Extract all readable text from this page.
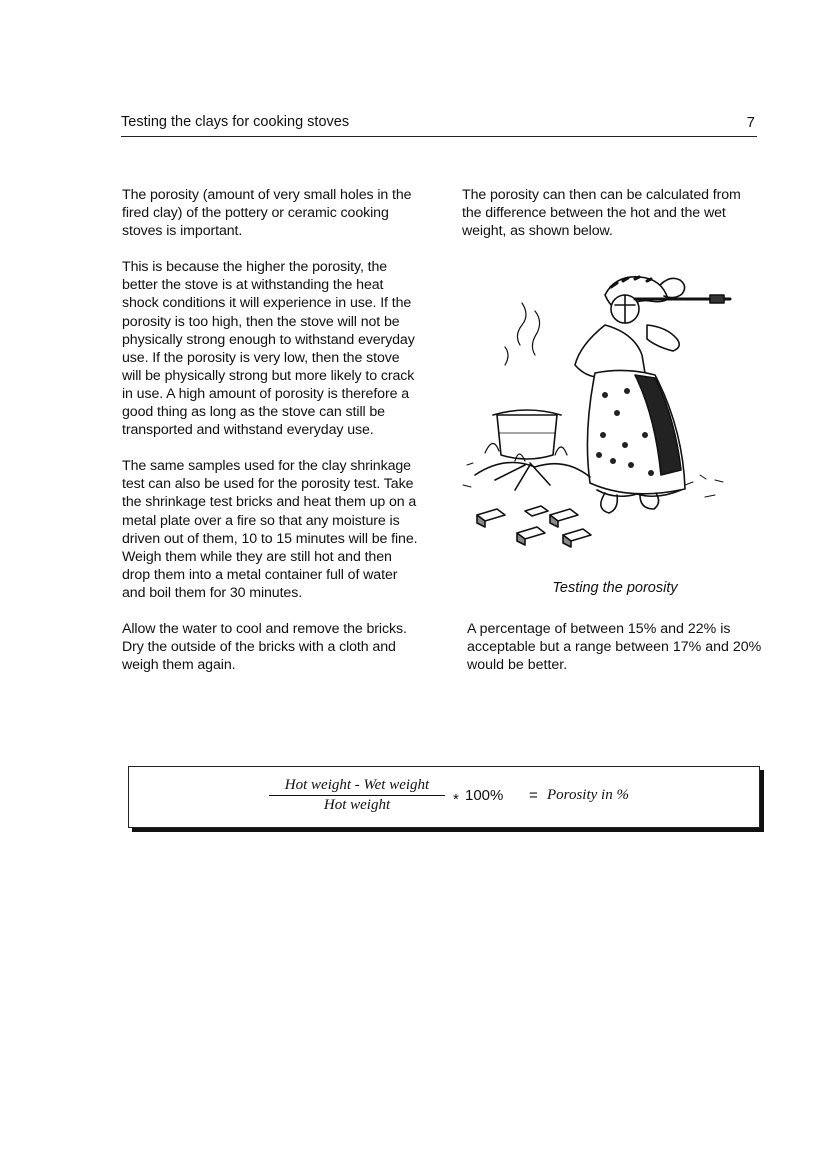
Testing the clays for cooking stoves	7

The porosity (amount of very small holes in the fired clay) of the pottery or ceramic cooking stoves is important.

This is because the higher the porosity, the better the stove is at withstanding the heat shock conditions it will experience in use. If the porosity is too high, then the stove will not be physically strong enough to withstand everyday use. If the porosity is very low, then the stove will be physically strong but more likely to crack in use. A high amount of porosity is therefore a good thing as long as the stove can still be transported and withstand everyday use.

The same samples used for the clay shrinkage test can also be used for the porosity test. Take the shrinkage test bricks and heat them up on a metal plate over a fire so that any moisture is driven out of them, 10 to 15 minutes will be fine. Weigh them while they are still hot and then drop them into a metal container full of water and boil them for 30 minutes.

Allow the water to cool and remove the bricks. Dry the outside of the bricks with a cloth and weigh them again.

The porosity can then can be calculated from the difference between the hot and the wet weight, as shown below.

Testing the porosity
A percentage of between 15% and 22% is acceptable but a range between 17% and 20% would be better.
Hot weight - Wet weight
Hot weight	* 100% = Porosity in %
